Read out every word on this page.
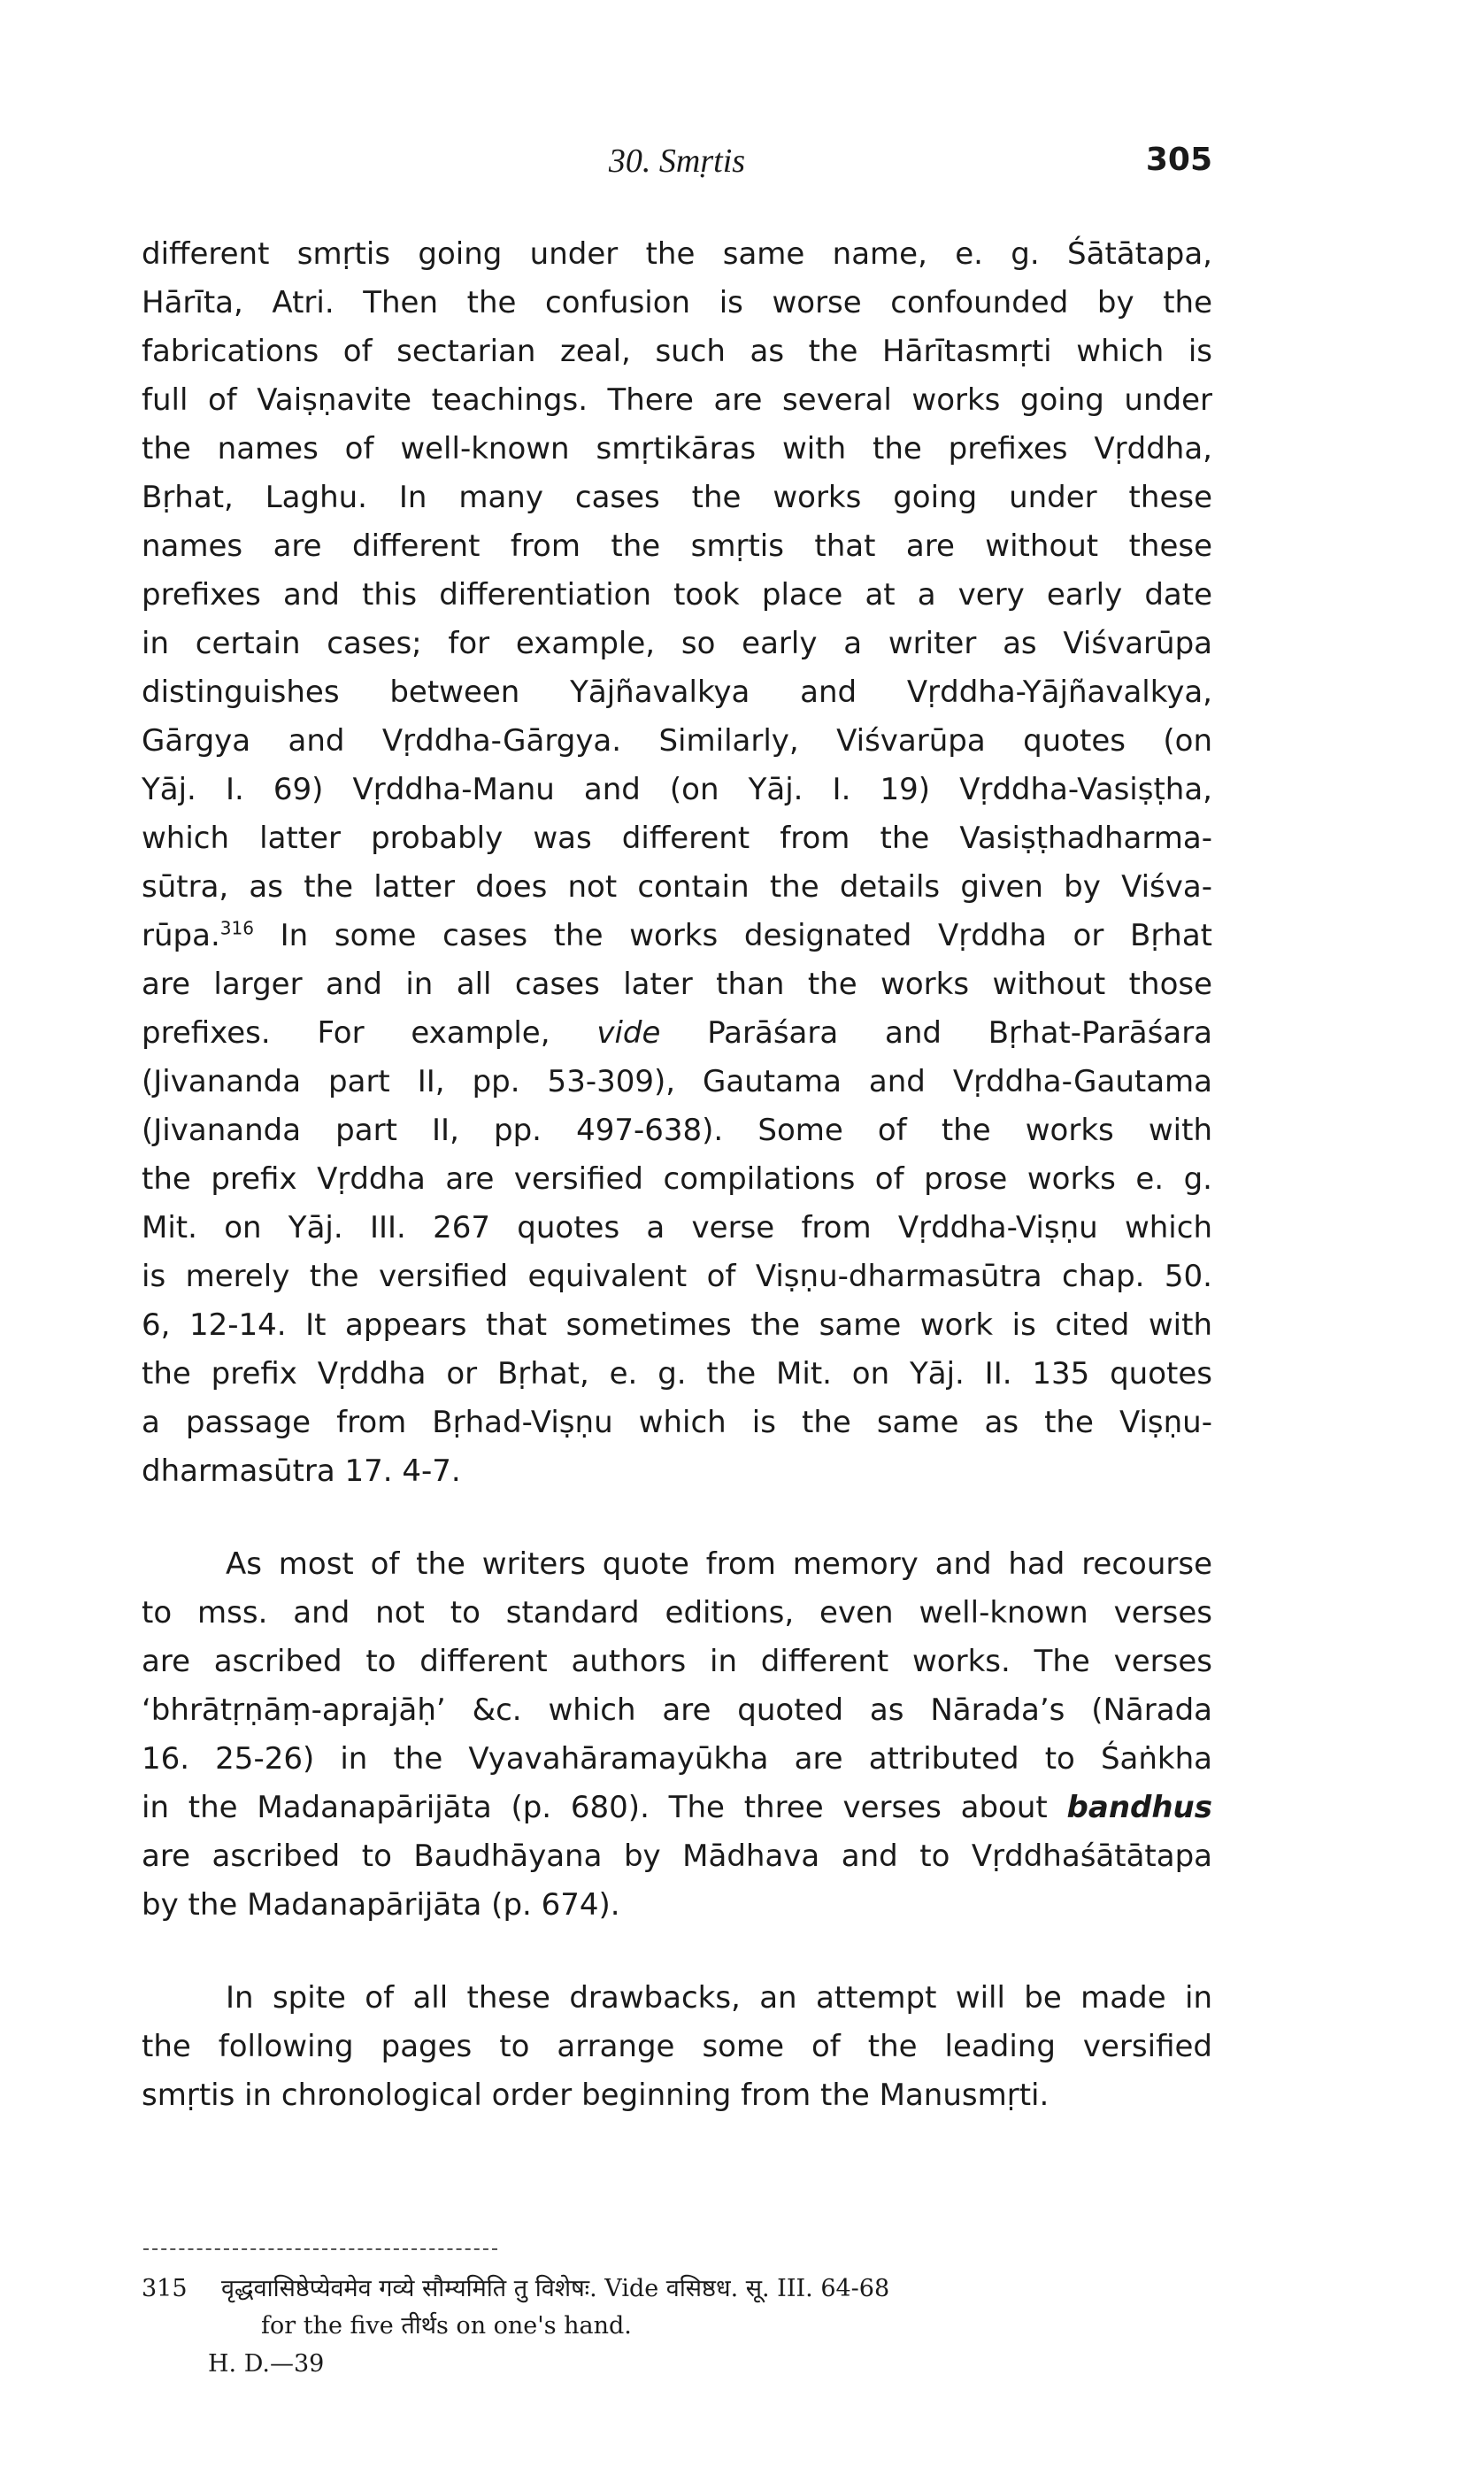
30. Smṛtis	305
different smṛtis going under the same name, e. g. Śātātapa,
Hārīta, Atri. Then the confusion is worse confounded by the
fabrications of sectarian zeal, such as the Hārītasmṛti which is
full of Vaiṣṇavite teachings. There are several works going under
the names of well-known smṛtikāras with the prefixes Vṛddha,
Bṛhat, Laghu. In many cases the works going under these
names are different from the smṛtis that are without these
prefixes and this differentiation took place at a very early date
in certain cases; for example, so early a writer as Viśvarūpa
distinguishes between Yājñavalkya and Vṛddha-Yājñavalkya,
Gārgya and Vṛddha-Gārgya. Similarly, Viśvarūpa quotes (on
Yāj. I. 69) Vṛddha-Manu and (on Yāj. I. 19) Vṛddha-Vasiṣṭha,
which latter probably was different from the Vasiṣṭhadharma-
sūtra, as the latter does not contain the details given by Viśva-
rūpa.$^{316}$ In some cases the works designated Vṛddha or Bṛhat
are larger and in all cases later than the works without those
prefixes. For example, vide Parāśara and Bṛhat-Parāśara
(Jivananda part II, pp. 53-309), Gautama and Vṛddha-Gautama
(Jivananda part II, pp. 497-638). Some of the works with
the prefix Vṛddha are versified compilations of prose works e. g.
Mit. on Yāj. III. 267 quotes a verse from Vṛddha-Viṣṇu which
is merely the versified equivalent of Viṣṇu-dharmasūtra chap. 50.
6, 12-14. It appears that sometimes the same work is cited with
the prefix Vṛddha or Bṛhat, e. g. the Mit. on Yāj. II. 135 quotes
a passage from Bṛhad-Viṣṇu which is the same as the Viṣṇu-
dharmasūtra 17. 4-7.
As most of the writers quote from memory and had recourse
to mss. and not to standard editions, even well-known verses
are ascribed to different authors in different works. The verses
‘bhrātṛṇāṃ-aprajāḥ’ &c. which are quoted as Nārada’s (Nārada
16. 25-26) in the Vyavahāramayūkha are attributed to Śaṅkha
in the Madanapārijāta (p. 680). The three verses about bandhus
are ascribed to Baudhāyana by Mādhava and to Vṛddhaśātātapa
by the Madanapārijāta (p. 674).
In spite of all these drawbacks, an attempt will be made in
the following pages to arrange some of the leading versified
smṛtis in chronological order beginning from the Manusmṛti.
315 वृद्धवासिष्ठेप्येवमेव गव्ये सौम्यमिति तु विशेषः. Vide वसिष्ठध. सू. III. 64-68
for the five तीर्थs on one's hand.
H. D.—39
